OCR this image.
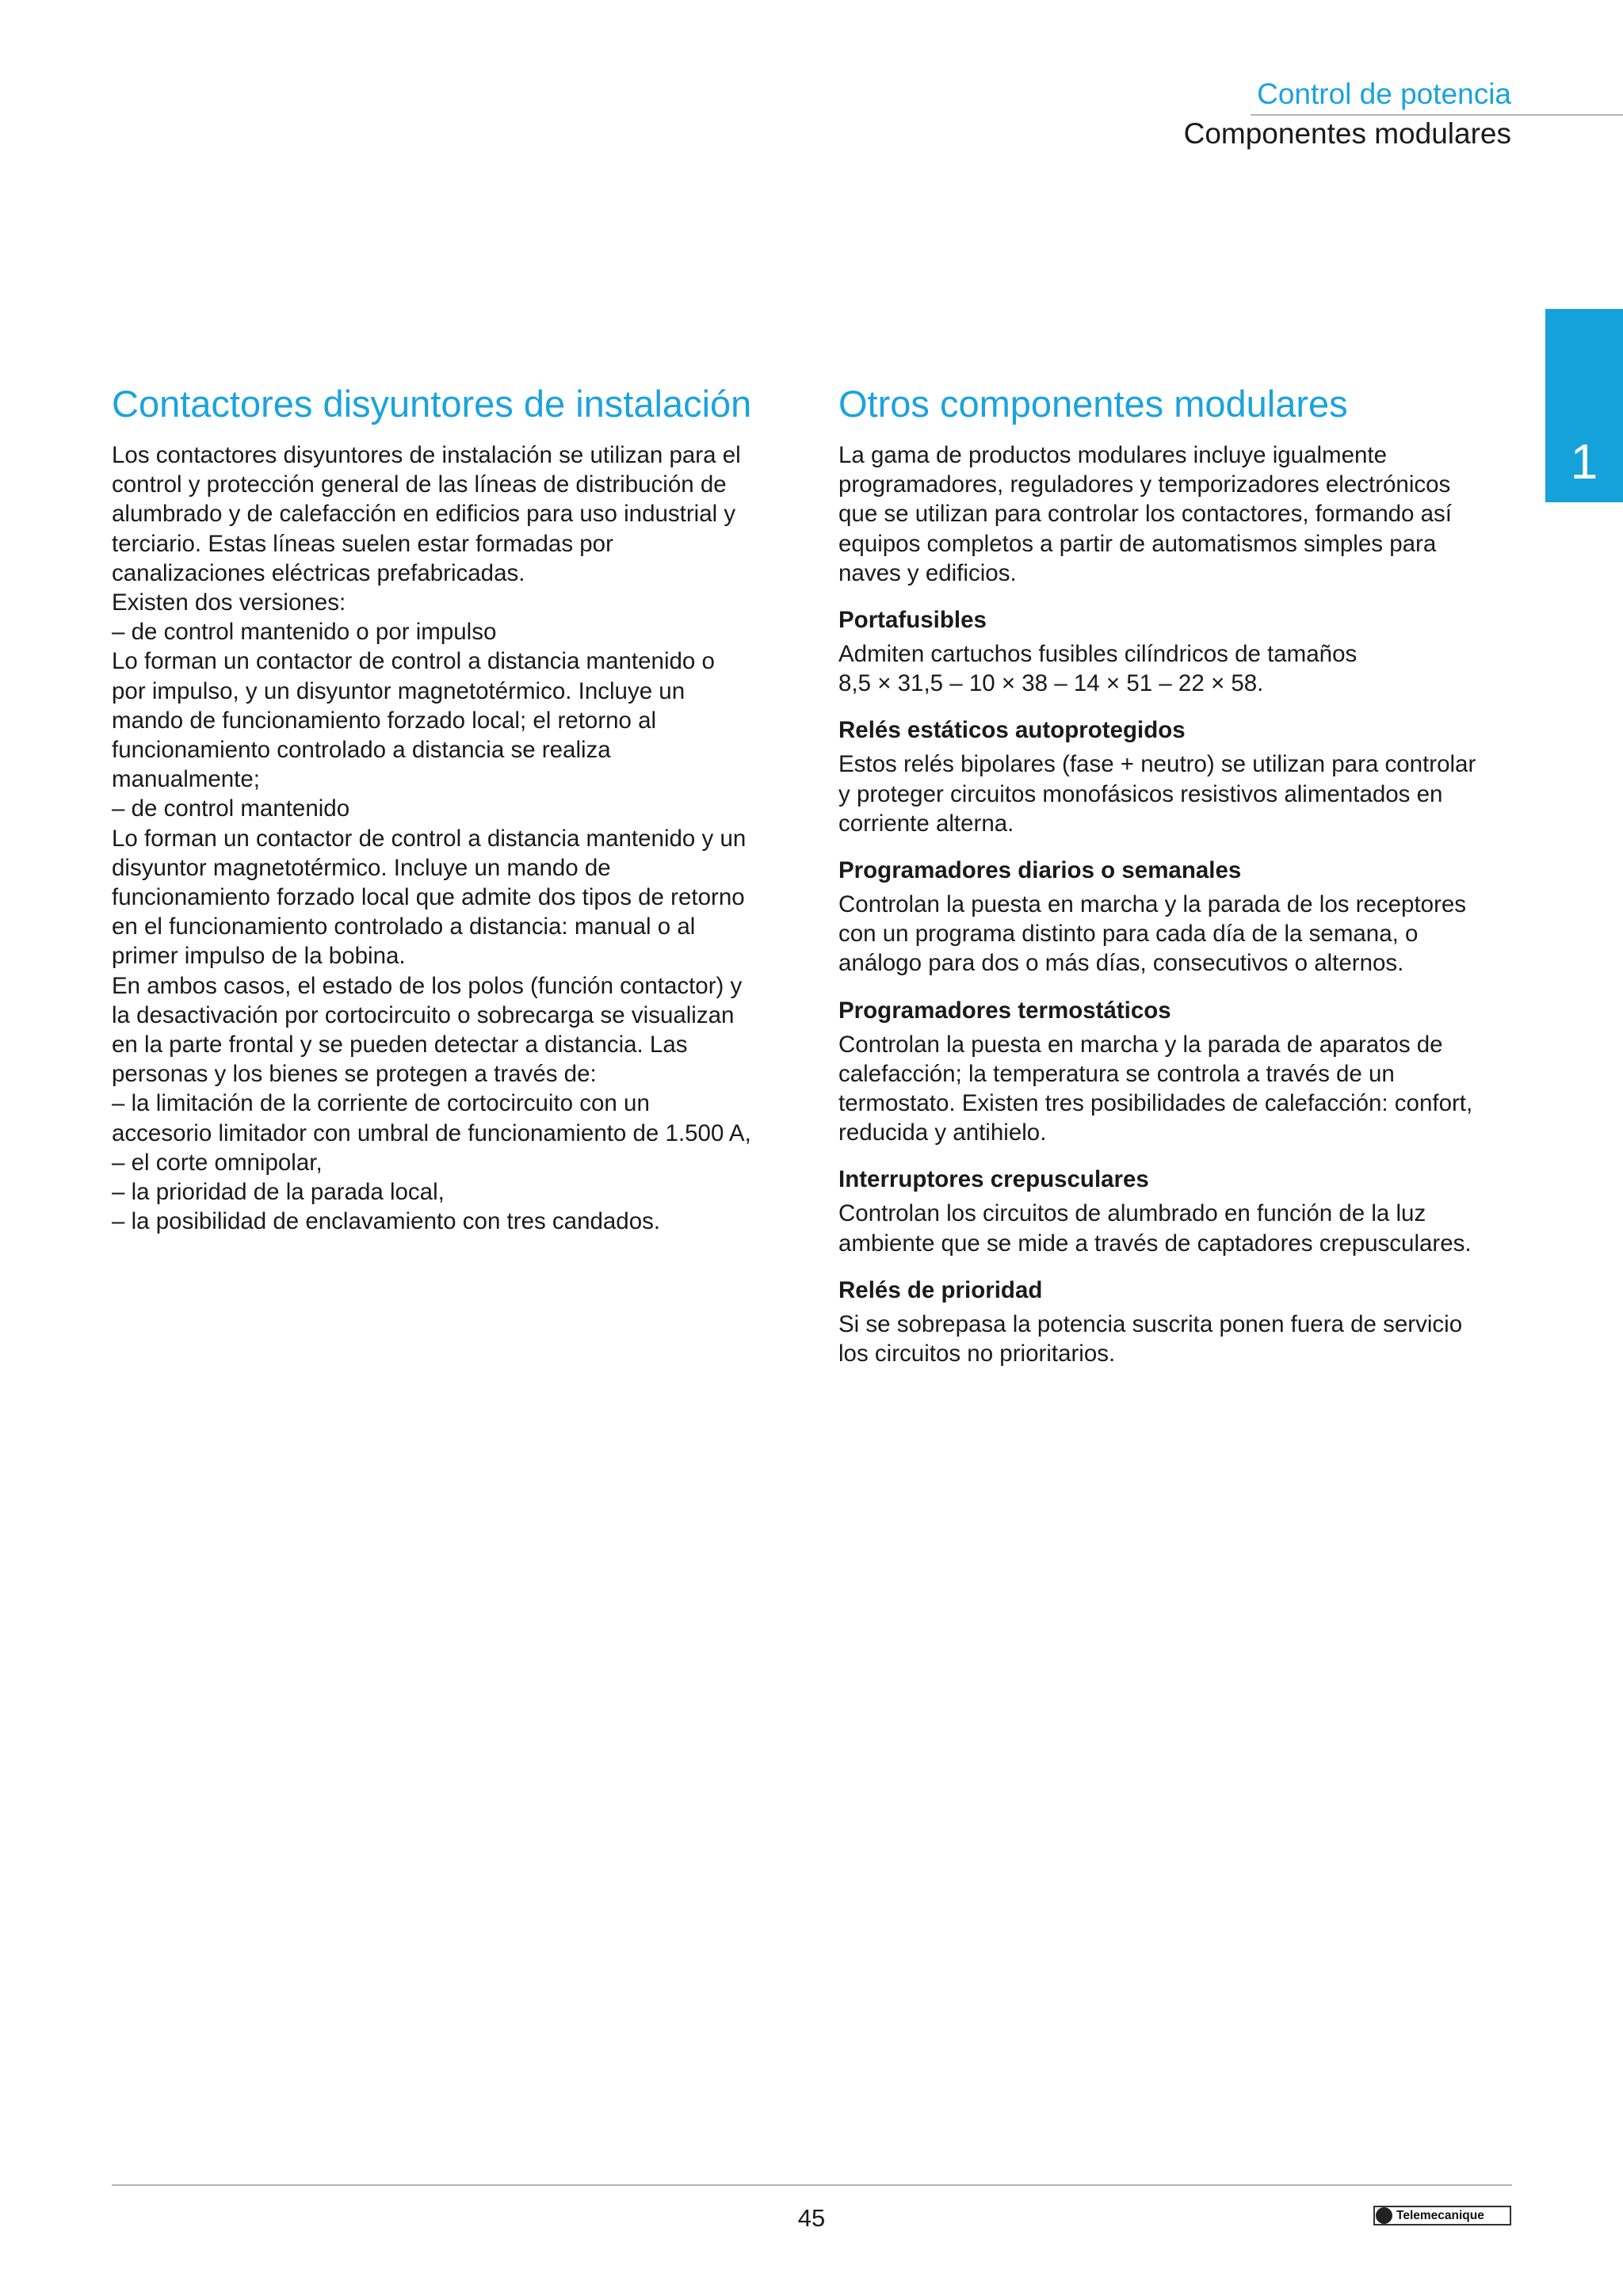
Control de potencia
Componentes modulares
1
Contactores disyuntores de instalación

Los contactores disyuntores de instalación se utilizan para el

control y protección general de las líneas de distribución de

alumbrado y de calefacción en edificios para uso industrial y

terciario. Estas líneas suelen estar formadas por

canalizaciones eléctricas prefabricadas.

Existen dos versiones:

– de control mantenido o por impulso

Lo forman un contactor de control a distancia mantenido o

por impulso, y un disyuntor magnetotérmico. Incluye un

mando de funcionamiento forzado local; el retorno al

funcionamiento controlado a distancia se realiza

manualmente;

– de control mantenido

Lo forman un contactor de control a distancia mantenido y un

disyuntor magnetotérmico. Incluye un mando de

funcionamiento forzado local que admite dos tipos de retorno

en el funcionamiento controlado a distancia: manual o al

primer impulso de la bobina.

En ambos casos, el estado de los polos (función contactor) y

la desactivación por cortocircuito o sobrecarga se visualizan

en la parte frontal y se pueden detectar a distancia. Las

personas y los bienes se protegen a través de:

– la limitación de la corriente de cortocircuito con un

accesorio limitador con umbral de funcionamiento de 1.500 A,

– el corte omnipolar,

– la prioridad de la parada local,

– la posibilidad de enclavamiento con tres candados.

Otros componentes modulares

La gama de productos modulares incluye igualmente

programadores, reguladores y temporizadores electrónicos

que se utilizan para controlar los contactores, formando así

equipos completos a partir de automatismos simples para

naves y edificios.

Portafusibles

Admiten cartuchos fusibles cilíndricos de tamaños

8,5 × 31,5 – 10 × 38 – 14 × 51 – 22 × 58.

Relés estáticos autoprotegidos

Estos relés bipolares (fase + neutro) se utilizan para controlar

y proteger circuitos monofásicos resistivos alimentados en

corriente alterna.

Programadores diarios o semanales

Controlan la puesta en marcha y la parada de los receptores

con un programa distinto para cada día de la semana, o

análogo para dos o más días, consecutivos o alternos.

Programadores termostáticos

Controlan la puesta en marcha y la parada de aparatos de

calefacción; la temperatura se controla a través de un

termostato. Existen tres posibilidades de calefacción: confort,

reducida y antihielo.

Interruptores crepusculares

Controlan los circuitos de alumbrado en función de la luz

ambiente que se mide a través de captadores crepusculares.

Relés de prioridad

Si se sobrepasa la potencia suscrita ponen fuera de servicio

los circuitos no prioritarios.

45	Telemecanique
